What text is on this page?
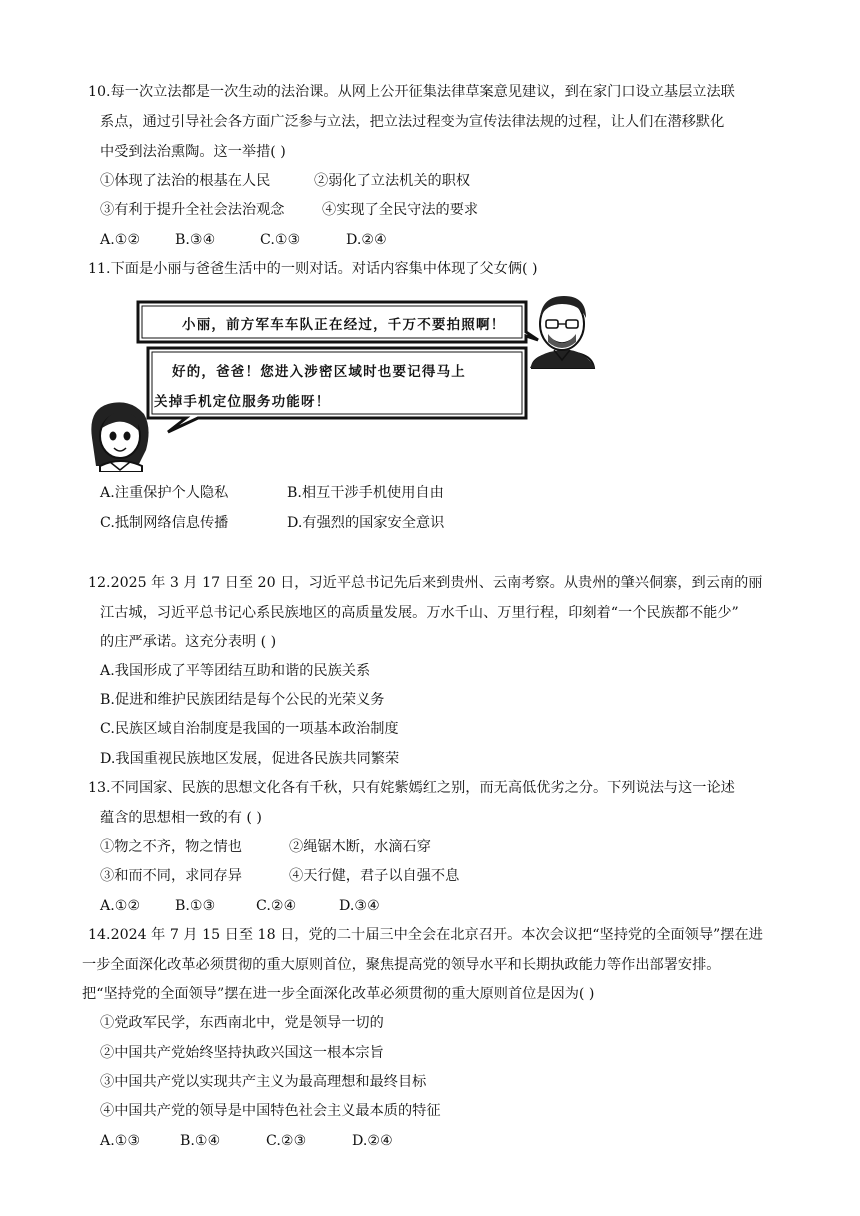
10.每一次立法都是一次生动的法治课。从网上公开征集法律草案意见建议，到在家门口设立基层立法联
系点，通过引导社会各方面广泛参与立法，把立法过程变为宣传法律法规的过程，让人们在潜移默化
中受到法治熏陶。这一举措( )
①体现了法治的根基在人民	②弱化了立法机关的职权
③有利于提升全社会法治观念	④实现了全民守法的要求
A.①② B.③④	C.①③	D.②④
11.下面是小丽与爸爸生活中的一则对话。对话内容集中体现了父女俩( )
小丽，前方军车车队正在经过，千万不要拍照啊！
好的，爸爸！您进入涉密区域时也要记得马上
关掉手机定位服务功能呀！
A.注重保护个人隐私	B.相互干涉手机使用自由
C.抵制网络信息传播	D.有强烈的国家安全意识
12.2025 年 3 月 17 日至 20 日，习近平总书记先后来到贵州、云南考察。从贵州的肇兴侗寨，到云南的丽
江古城，习近平总书记心系民族地区的高质量发展。万水千山、万里行程，印刻着“一个民族都不能少”
的庄严承诺。这充分表明 ( )
A.我国形成了平等团结互助和谐的民族关系
B.促进和维护民族团结是每个公民的光荣义务
C.民族区域自治制度是我国的一项基本政治制度
D.我国重视民族地区发展，促进各民族共同繁荣
13.不同国家、民族的思想文化各有千秋，只有姹紫嫣红之别，而无高低优劣之分。下列说法与这一论述
蕴含的思想相一致的有 ( )
①物之不齐，物之情也	②绳锯木断，水滴石穿
③和而不同，求同存异	④天行健，君子以自强不息
A.①② B.①③	C.②④	D.③④
14.2024 年 7 月 15 日至 18 日，党的二十届三中全会在北京召开。本次会议把“坚持党的全面领导”摆在进
一步全面深化改革必须贯彻的重大原则首位，聚焦提高党的领导水平和长期执政能力等作出部署安排。
把“坚持党的全面领导”摆在进一步全面深化改革必须贯彻的重大原则首位是因为( )
①党政军民学，东西南北中，党是领导一切的
②中国共产党始终坚持执政兴国这一根本宗旨
③中国共产党以实现共产主义为最高理想和最终目标
④中国共产党的领导是中国特色社会主义最本质的特征
A.①③	B.①④	C.②③	D.②④
